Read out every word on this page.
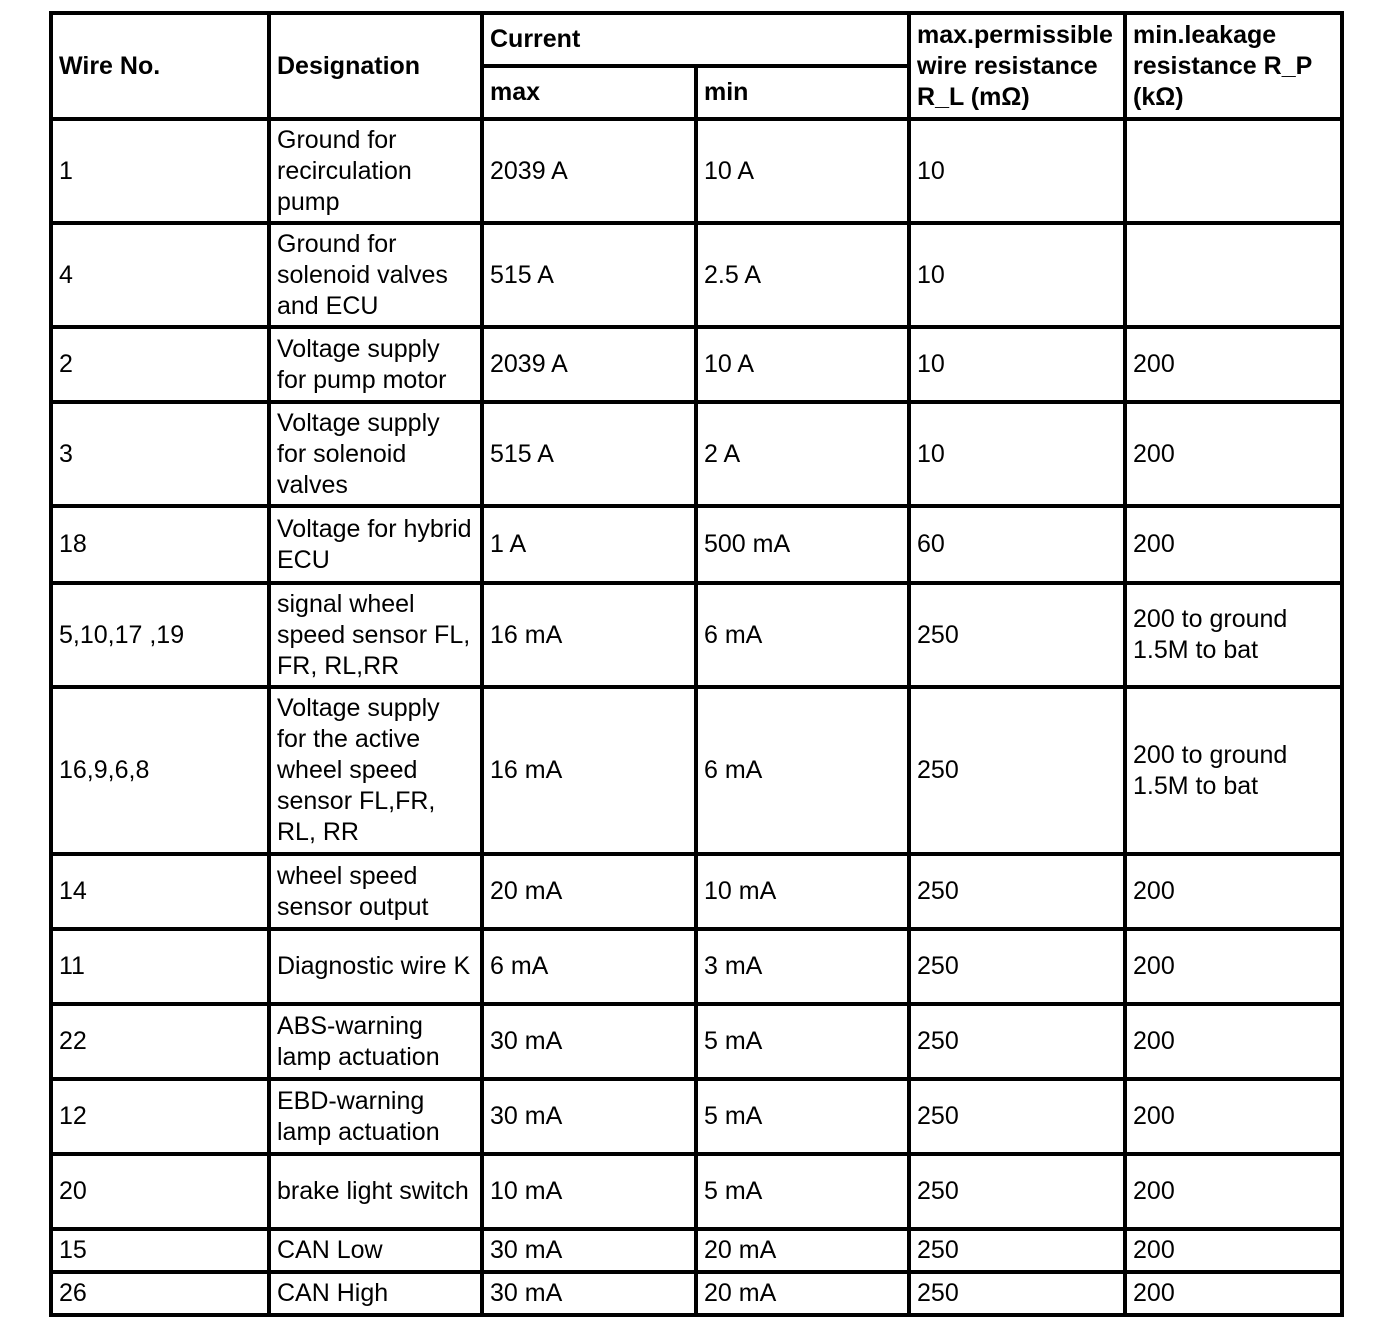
Wire No.	Designation	Current		max.permissible wire resistance R_L (mΩ)	min.leakage resistance R_P (kΩ)
		max	min		
1	Ground for recirculation pump	2039 A	10 A	10	
4	Ground for solenoid valves and ECU	515 A	2.5 A	10	
2	Voltage supply for pump motor	2039 A	10 A	10	200
3	Voltage supply for solenoid valves	515 A	2 A	10	200
18	Voltage for hybrid ECU	1 A	500 mA	60	200
5,10,17 ,19	signal wheel speed sensor FL, FR, RL,RR	16 mA	6 mA	250	200 to ground 1.5M to bat
16,9,6,8	Voltage supply for the active wheel speed sensor FL,FR, RL, RR	16 mA	6 mA	250	200 to ground 1.5M to bat
14	wheel speed sensor output	20 mA	10 mA	250	200
11	Diagnostic wire K	6 mA	3 mA	250	200
22	ABS-warning lamp actuation	30 mA	5 mA	250	200
12	EBD-warning lamp actuation	30 mA	5 mA	250	200
20	brake light switch	10 mA	5 mA	250	200
15	CAN Low	30 mA	20 mA	250	200
26	CAN High	30 mA	20 mA	250	200
